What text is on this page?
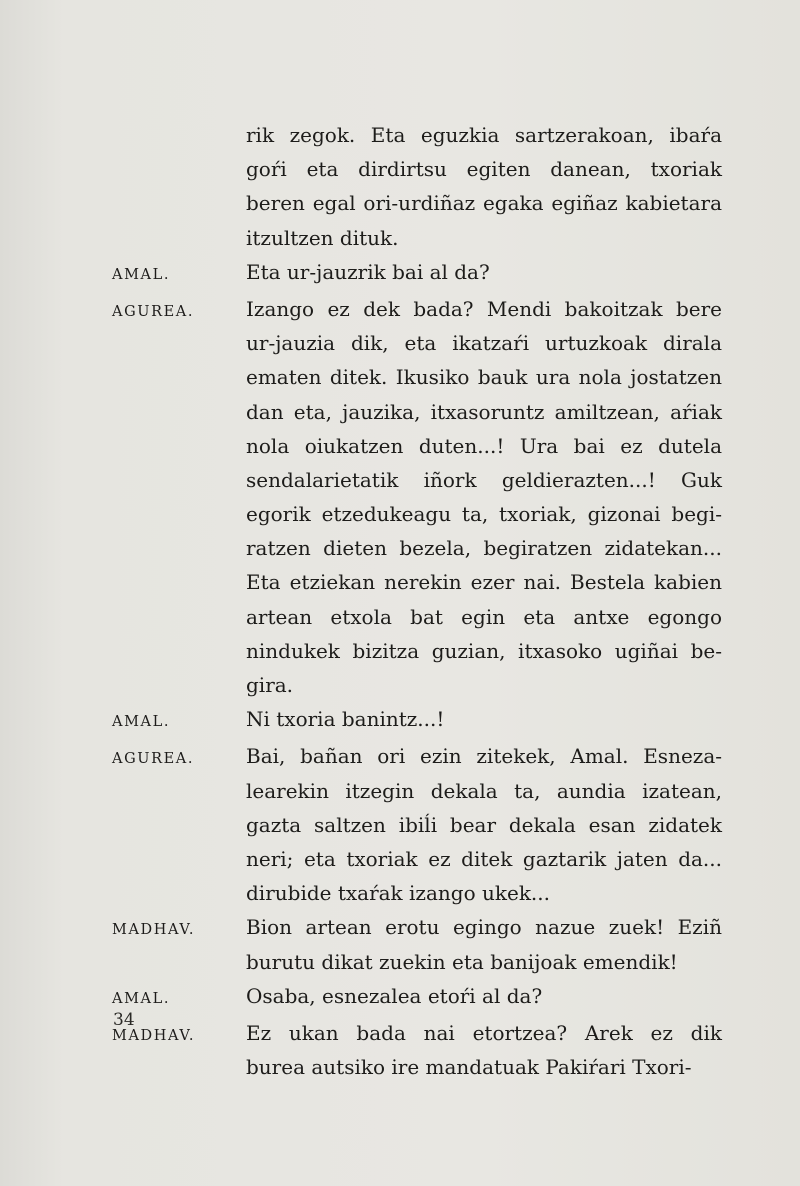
rik zegok. Eta eguzkia sartzerakoan, ibaŕa
goŕi eta dirdirtsu egiten danean, txoriak
beren egal ori-urdiñaz egaka egiñaz kabietara
itzultzen dituk.
AMAL.	Eta ur-jauzrik bai al da?
AGUREA.	Izango ez dek bada? Mendi bakoitzak bere
ur-jauzia dik, eta ikatzaŕi urtuzkoak dirala
ematen ditek. Ikusiko bauk ura nola jostatzen
dan eta, jauzika, itxasoruntz amiltzean, aŕiak
nola oiukatzen duten...! Ura bai ez dutela
sendalarietatik iñork geldierazten...! Guk
egorik etzedukeagu ta, txoriak, gizonai begi-
ratzen dieten bezela, begiratzen zidatekan...
Eta etziekan nerekin ezer nai. Bestela kabien
artean etxola bat egin eta antxe egongo
nindukek bizitza guzian, itxasoko ugiñai be-
gira.
AMAL.	Ni txoria banintz...!
AGUREA.	Bai, bañan ori ezin zitekek, Amal. Esneza-
learekin itzegin dekala ta, aundia izatean,
gazta saltzen ibiĺi bear dekala esan zidatek
neri; eta txoriak ez ditek gaztarik jaten da...
dirubide txaŕak izango ukek...
MADHAV.	Bion artean erotu egingo nazue zuek! Eziñ
burutu dikat zuekin eta banijoak emendik!
AMAL.	Osaba, esnezalea etoŕi al da?
MADHAV.	Ez ukan bada nai etortzea? Arek ez dik
burea autsiko ire mandatuak Pakiŕari Txori-
34
